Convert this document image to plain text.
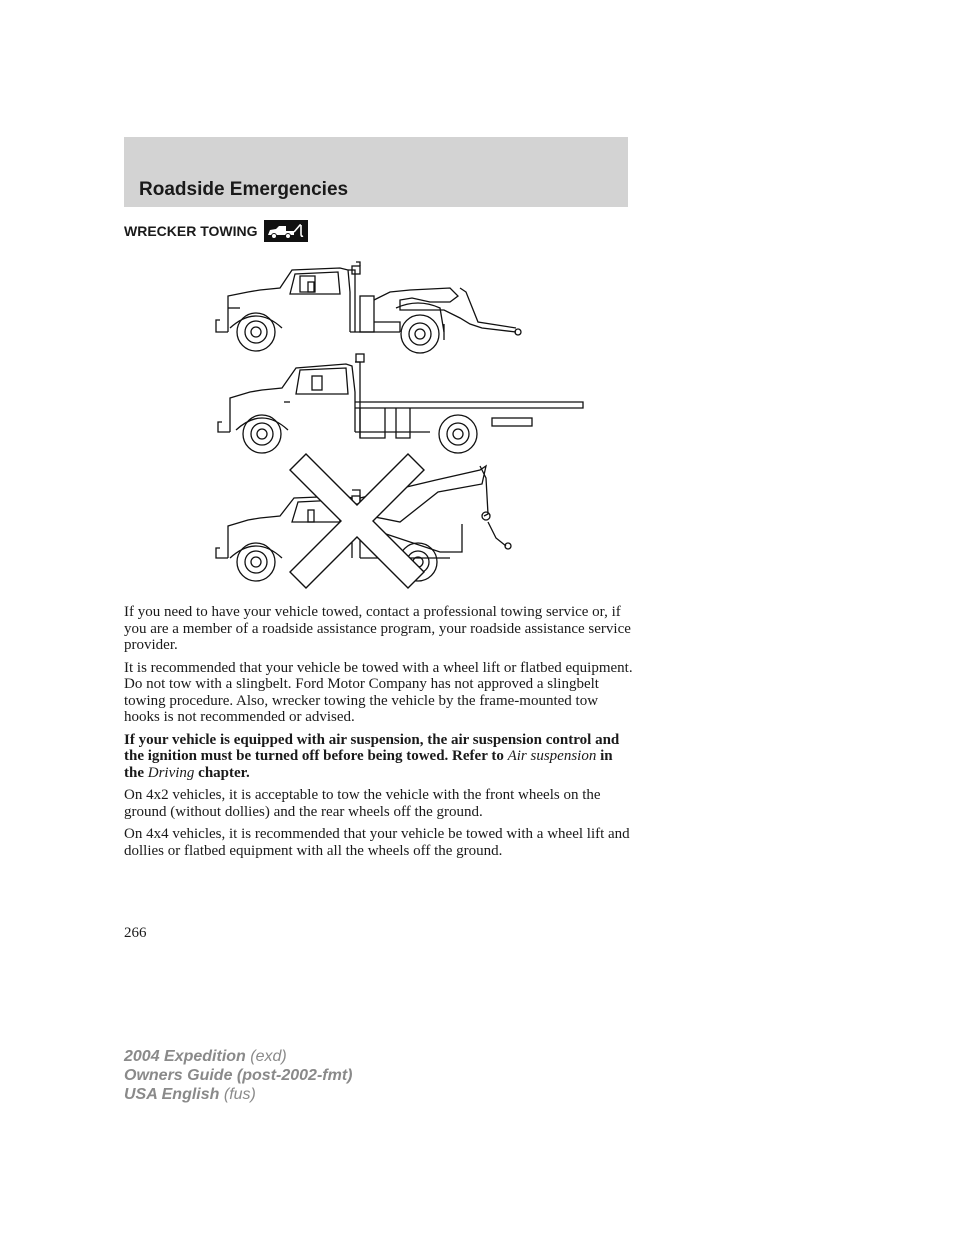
Roadside Emergencies
WRECKER TOWING

If you need to have your vehicle towed, contact a professional towing service or, if you are a member of a roadside assistance program, your roadside assistance service provider.

It is recommended that your vehicle be towed with a wheel lift or flatbed equipment. Do not tow with a slingbelt. Ford Motor Company has not approved a slingbelt towing procedure. Also, wrecker towing the vehicle by the frame-mounted tow hooks is not recommended or advised.

If your vehicle is equipped with air suspension, the air suspension control and the ignition must be turned off before being towed. Refer to Air suspension in the Driving chapter.

On 4x2 vehicles, it is acceptable to tow the vehicle with the front wheels on the ground (without dollies) and the rear wheels off the ground.

On 4x4 vehicles, it is recommended that your vehicle be towed with a wheel lift and dollies or flatbed equipment with all the wheels off the ground.

266
2004 Expedition (exd)
Owners Guide (post-2002-fmt)
USA English (fus)
